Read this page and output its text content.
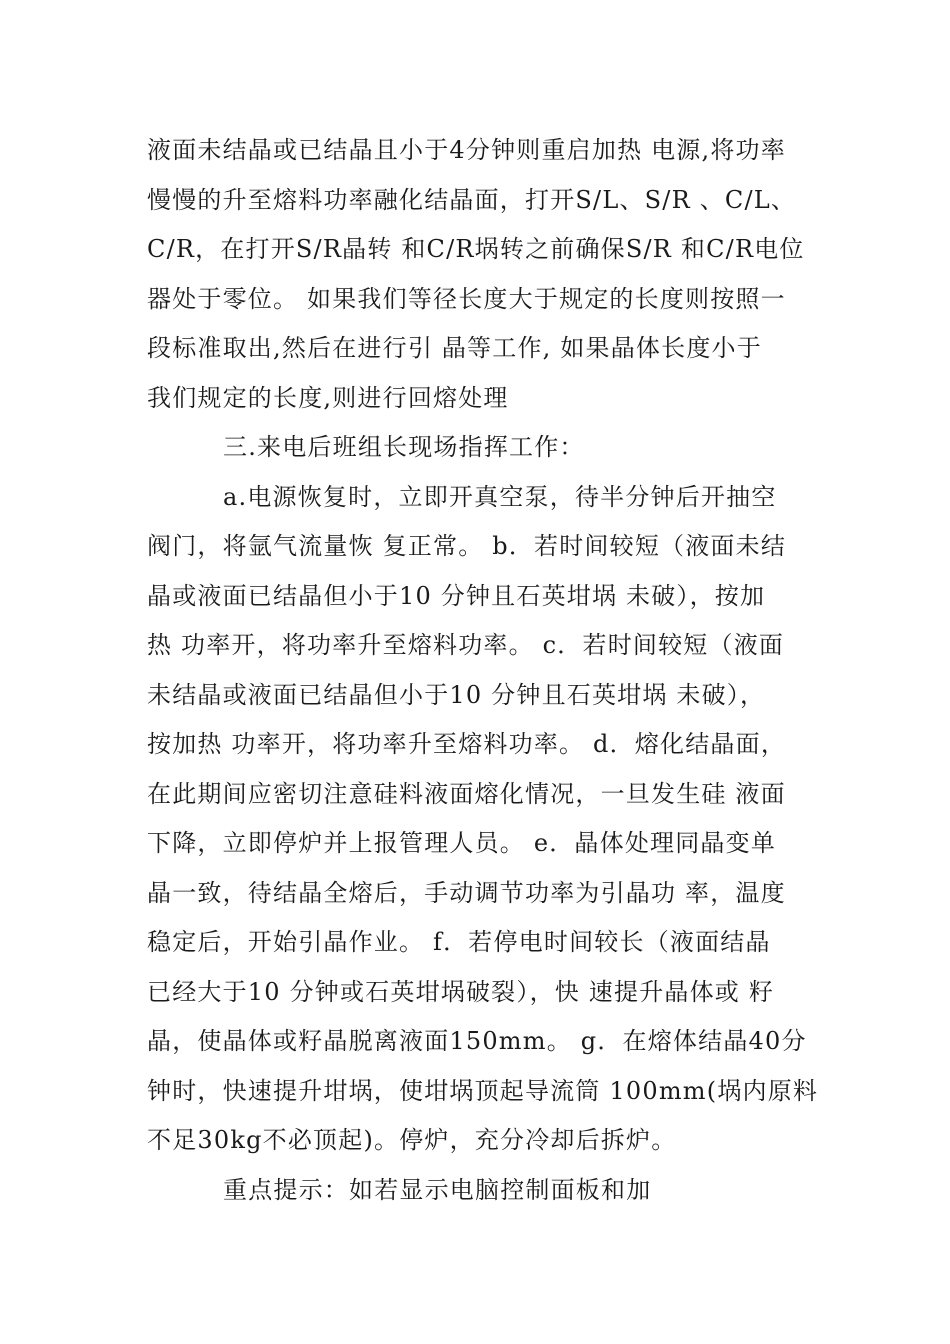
液面未结晶或已结晶且小于4分钟则重启加热 电源,将功率
慢慢的升至熔料功率融化结晶面，打开S/L、S/R 、C/L、
C/R，在打开S/R晶转 和C/R埚转之前确保S/R 和C/R电位
器处于零位。 如果我们等径长度大于规定的长度则按照一
段标准取出,然后在进行引 晶等工作, 如果晶体长度小于
我们规定的长度,则进行回熔处理
三.来电后班组长现场指挥工作：
a.电源恢复时，立即开真空泵，待半分钟后开抽空
阀门，将氩气流量恢 复正常。 b．若时间较短（液面未结
晶或液面已结晶但小于10 分钟且石英坩埚 未破），按加
热 功率开，将功率升至熔料功率。 c．若时间较短（液面
未结晶或液面已结晶但小于10 分钟且石英坩埚 未破），
按加热 功率开，将功率升至熔料功率。 d．熔化结晶面，
在此期间应密切注意硅料液面熔化情况，一旦发生硅 液面
下降，立即停炉并上报管理人员。 e．晶体处理同晶变单
晶一致，待结晶全熔后，手动调节功率为引晶功 率，温度
稳定后，开始引晶作业。 f．若停电时间较长（液面结晶
已经大于10 分钟或石英坩埚破裂），快 速提升晶体或 籽
晶，使晶体或籽晶脱离液面150mm。 g．在熔体结晶40分
钟时，快速提升坩埚，使坩埚顶起导流筒 100mm(埚内原料
不足30kg不必顶起)。停炉，充分冷却后拆炉。
重点提示：如若显示电脑控制面板和加
